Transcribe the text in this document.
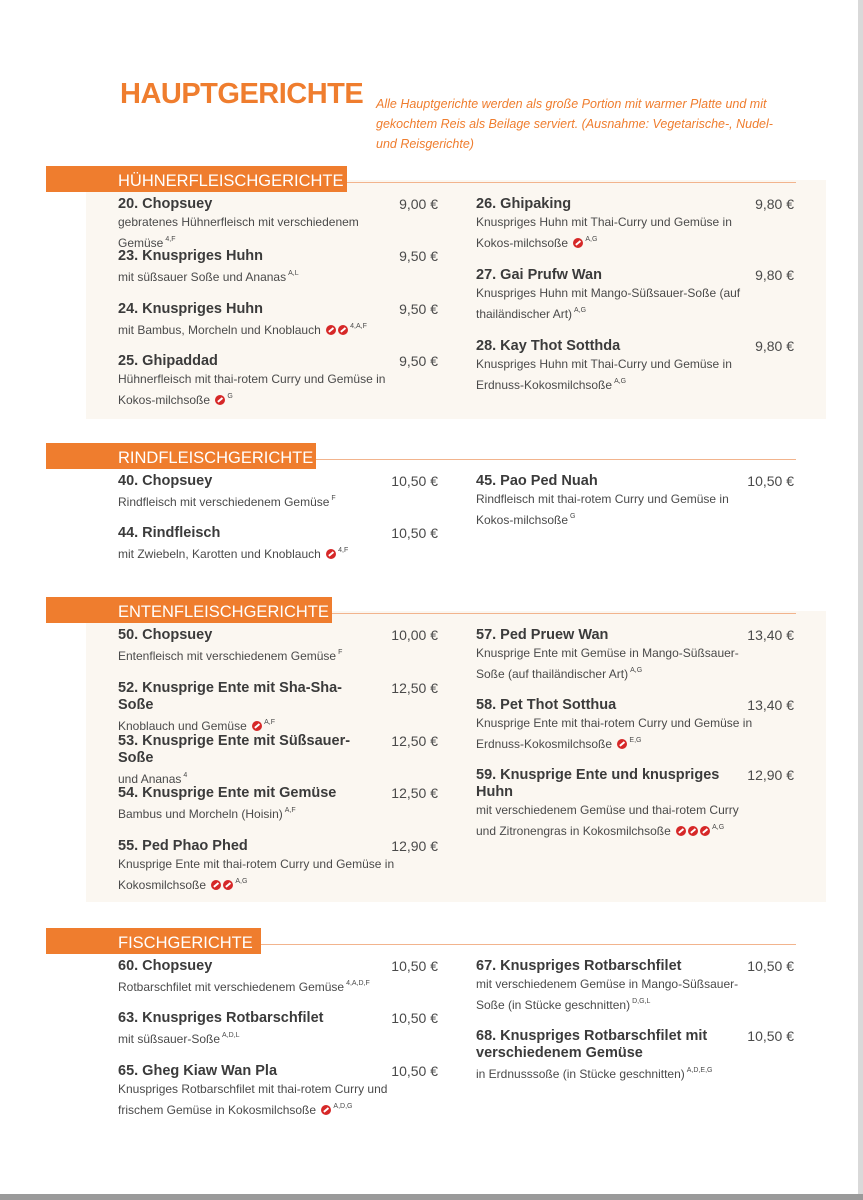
HAUPTGERICHTE Alle Hauptgerichte werden als große Portion mit warmer Platte und mit gekochtem Reis als Beilage serviert. (Ausnahme: Vegetarische-, Nudel- und Reisgerichte)
HÜHNERFLEISCHGERICHTE
20. Chopsuey	9,00 €
gebratenes Hühnerfleisch mit verschiedenem Gemüse $^{4,F}$
23. Knuspriges Huhn	9,50 €
mit süßsauer Soße und Ananas $^{A,L}$
24. Knuspriges Huhn	9,50 €
mit Bambus, Morcheln und Knoblauch	$^{4,A,F}$
25. Ghipaddad	9,50 €
Hühnerfleisch mit thai-rotem Curry und Gemüse in Kokos-milchsoße $^G$
26. Ghipaking	9,80 €
Knuspriges Huhn mit Thai-Curry und Gemüse in Kokos-milchsoße $^{A,G}$
27. Gai Prufw Wan	9,80 €
Knuspriges Huhn mit Mango-Süßsauer-Soße (auf thailändischer Art) $^{A,G}$
28. Kay Thot Sotthda	9,80 €
Knuspriges Huhn mit Thai-Curry und Gemüse in Erdnuss-Kokosmilchsoße $^{A,G}$
RINDFLEISCHGERICHTE
40. Chopsuey	10,50 €
Rindfleisch mit verschiedenem Gemüse $^F$
44. Rindfleisch	10,50 €
mit Zwiebeln, Karotten und Knoblauch $^{4,F}$
45. Pao Ped Nuah	10,50 €
Rindfleisch mit thai-rotem Curry und Gemüse in Kokos-milchsoße $^G$
ENTENFLEISCHGERICHTE
50. Chopsuey	10,00 €
Entenfleisch mit verschiedenem Gemüse $^F$
52. Knusprige Ente mit Sha-Sha-Soße
12,50 €
Knoblauch und Gemüse $^{A,F}$
53. Knusprige Ente mit Süßsauer-Soße
12,50 €
und Ananas $^4$
54. Knusprige Ente mit Gemüse	12,50 €
Bambus und Morcheln (Hoisin) $^{A,F}$
55. Ped Phao Phed	12,90 €
Knusprige Ente mit thai-rotem Curry und Gemüse in Kokosmilchsoße	$^{A,G}$
57. Ped Pruew Wan	13,40 €
Knusprige Ente mit Gemüse in Mango-Süßsauer-Soße (auf thailändischer Art) $^{A,G}$
58. Pet Thot Sotthua	13,40 €
Knusprige Ente mit thai-rotem Curry und Gemüse in Erdnuss-Kokosmilchsoße $^{E,G}$
59. Knusprige Ente und knuspriges Huhn
12,90 €
mit verschiedenem Gemüse und thai-rotem Curry und Zitronengras in Kokosmilchsoße	$^{A,G}$
FISCHGERICHTE
60. Chopsuey	10,50 €
Rotbarschfilet mit verschiedenem Gemüse $^{4,A,D,F}$
63. Knuspriges Rotbarschfilet	10,50 €
mit süßsauer-Soße $^{A,D,L}$
65. Gheg Kiaw Wan Pla	10,50 €
Knuspriges Rotbarschfilet mit thai-rotem Curry und frischem Gemüse in Kokosmilchsoße $^{A,D,G}$
67. Knuspriges Rotbarschfilet	10,50 €
mit verschiedenem Gemüse in Mango-Süßsauer-Soße (in Stücke geschnitten) $^{D,G,L}$
68. Knuspriges Rotbarschfilet mit verschiedenem Gemüse
10,50 €
in Erdnusssoße (in Stücke geschnitten) $^{A,D,E,G}$
